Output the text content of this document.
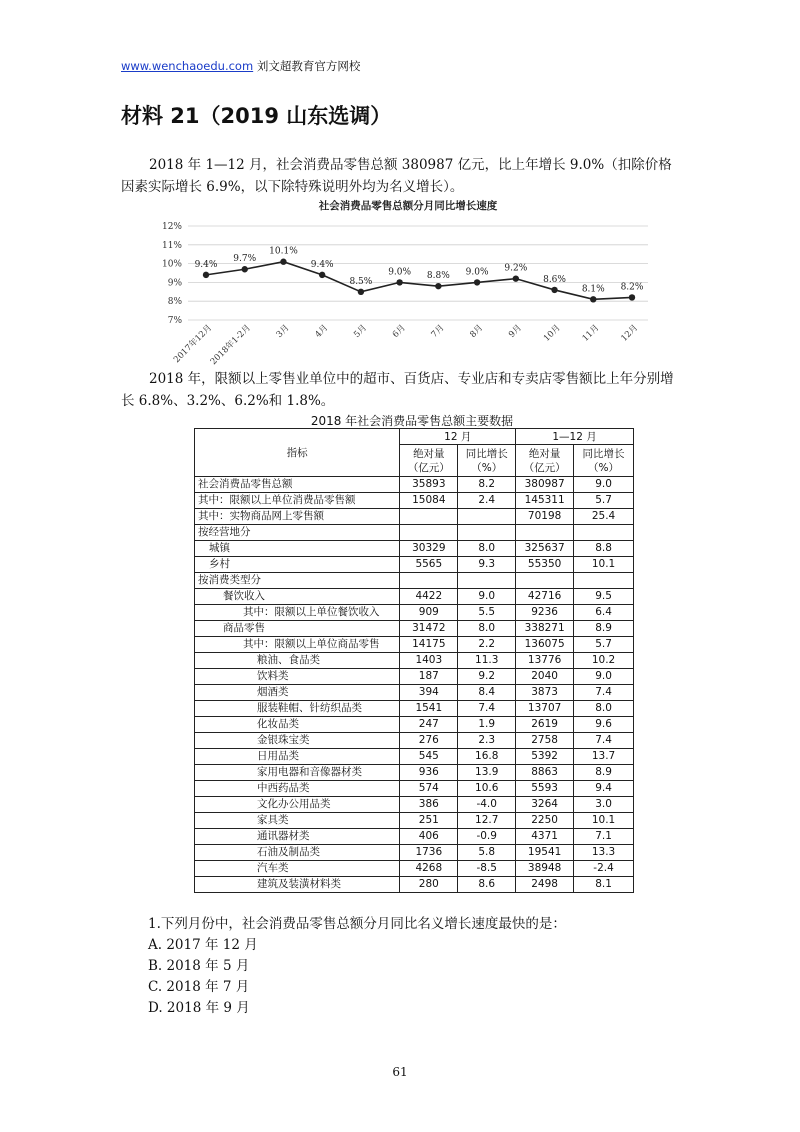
www.wenchaoedu.com 刘文超教育官方网校
材料 21（2019 山东选调）
2018 年 1—12 月，社会消费品零售总额 380987 亿元，比上年增长 9.0%（扣除价格因素实际增长 6.9%，以下除特殊说明外均为名义增长）。
社会消费品零售总额分月同比增长速度
7%
8%
9%
10%
11%
12%
9.4%
9.7%
10.1%
9.4%
8.5%
9.0% 8.8% 9.0% 9.2%
8.6%
8.1% 8.2%
2017年12月
2018年1-2月	3月	4月	5月	6月	7月	8月	9月 10月 11月 12月
2018 年，限额以上零售业单位中的超市、百货店、专业店和专卖店零售额比上年分别增长 6.8%、3.2%、6.2%和 1.8%。
2018 年社会消费品零售总额主要数据
指标	12 月		1—12 月	
	绝对量（亿元）	同比增长（%）	绝对量（亿元）	同比增长（%）
社会消费品零售总额	35893	8.2	380987	9.0
其中：限额以上单位消费品零售额	15084	2.4	145311	5.7
其中：实物商品网上零售额			70198	25.4
按经营地分				
城镇	30329	8.0	325637	8.8
乡村	5565	9.3	55350	10.1
按消费类型分				
餐饮收入	4422	9.0	42716	9.5
其中：限额以上单位餐饮收入	909	5.5	9236	6.4
商品零售	31472	8.0	338271	8.9
其中：限额以上单位商品零售	14175	2.2	136075	5.7
粮油、食品类	1403	11.3	13776	10.2
饮料类	187	9.2	2040	9.0
烟酒类	394	8.4	3873	7.4
服装鞋帽、针纺织品类	1541	7.4	13707	8.0
化妆品类	247	1.9	2619	9.6
金银珠宝类	276	2.3	2758	7.4
日用品类	545	16.8	5392	13.7
家用电器和音像器材类	936	13.9	8863	8.9
中西药品类	574	10.6	5593	9.4
文化办公用品类	386	-4.0	3264	3.0
家具类	251	12.7	2250	10.1
通讯器材类	406	-0.9	4371	7.1
石油及制品类	1736	5.8	19541	13.3
汽车类	4268	-8.5	38948	-2.4
建筑及装潢材料类	280	8.6	2498	8.1
1.下列月份中，社会消费品零售总额分月同比名义增长速度最快的是：
A. 2017 年 12 月
B. 2018 年 5 月
C. 2018 年 7 月
D. 2018 年 9 月
61
